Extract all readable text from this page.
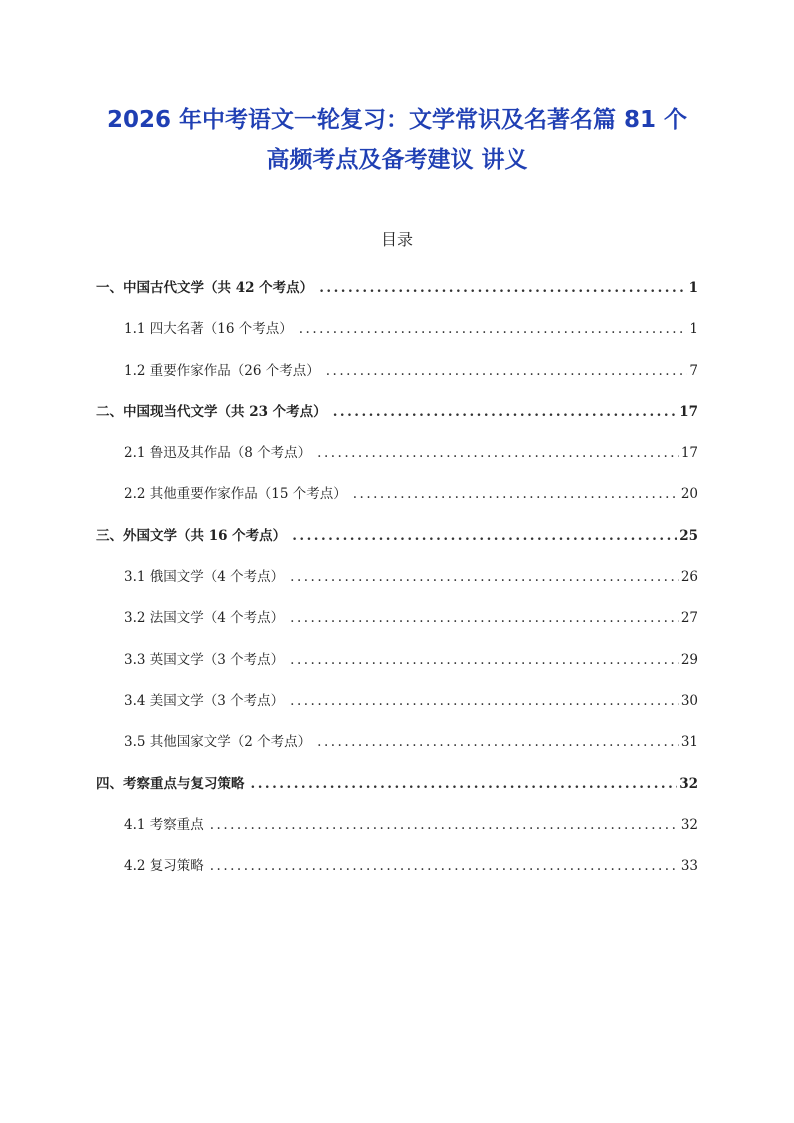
2026 年中考语文一轮复习：文学常识及名著名篇 81 个
高频考点及备考建议 讲义
目录
一、中国古代文学（共 42 个考点） .....	1
1.1 四大名著（16 个考点） .....	1
1.2 重要作家作品（26 个考点） .....	7
二、中国现当代文学（共 23 个考点） .....	17
2.1 鲁迅及其作品（8 个考点） .....	17
2.2 其他重要作家作品（15 个考点） .....	20
三、外国文学（共 16 个考点） .....	25
3.1 俄国文学（4 个考点） .....	26
3.2 法国文学（4 个考点） .....	27
3.3 英国文学（3 个考点） .....	29
3.4 美国文学（3 个考点） .....	30
3.5 其他国家文学（2 个考点） .....	31
四、考察重点与复习策略 .....	32
4.1 考察重点 .....	32
4.2 复习策略 .....	33
